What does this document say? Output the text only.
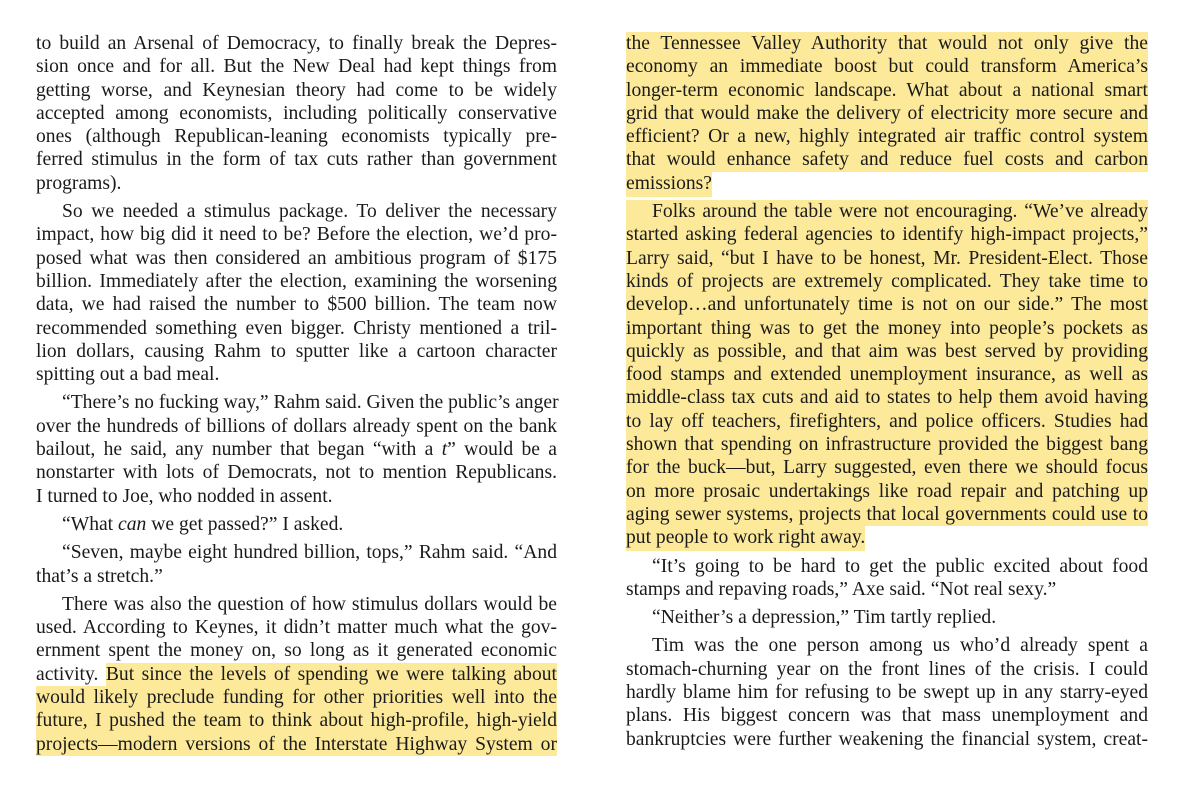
to build an Arsenal of Democracy, to finally break the Depres-
sion once and for all. But the New Deal had kept things from
getting worse, and Keynesian theory had come to be widely
accepted among economists, including politically conservative
ones (although Republican-leaning economists typically pre-
ferred stimulus in the form of tax cuts rather than government
programs).
So we needed a stimulus package. To deliver the necessary
impact, how big did it need to be? Before the election, we’d pro-
posed what was then considered an ambitious program of $175
billion. Immediately after the election, examining the worsening
data, we had raised the number to $500 billion. The team now
recommended something even bigger. Christy mentioned a tril-
lion dollars, causing Rahm to sputter like a cartoon character
spitting out a bad meal.
“There’s no fucking way,” Rahm said. Given the public’s anger
over the hundreds of billions of dollars already spent on the bank
bailout, he said, any number that began “with a t” would be a
nonstarter with lots of Democrats, not to mention Republicans.
I turned to Joe, who nodded in assent.
“What can we get passed?” I asked.
“Seven, maybe eight hundred billion, tops,” Rahm said. “And
that’s a stretch.”
There was also the question of how stimulus dollars would be
used. According to Keynes, it didn’t matter much what the gov-
ernment spent the money on, so long as it generated economic
activity. But since the levels of spending we were talking about
would likely preclude funding for other priorities well into the
future, I pushed the team to think about high-profile, high-yield
projects—modern versions of the Interstate Highway System or
the Tennessee Valley Authority that would not only give the
economy an immediate boost but could transform America’s
longer-term economic landscape. What about a national smart
grid that would make the delivery of electricity more secure and
efficient? Or a new, highly integrated air traffic control system
that would enhance safety and reduce fuel costs and carbon
emissions?
Folks around the table were not encouraging. “We’ve already
started asking federal agencies to identify high-impact projects,”
Larry said, “but I have to be honest, Mr. President-Elect. Those
kinds of projects are extremely complicated. They take time to
develop…and unfortunately time is not on our side.” The most
important thing was to get the money into people’s pockets as
quickly as possible, and that aim was best served by providing
food stamps and extended unemployment insurance, as well as
middle-class tax cuts and aid to states to help them avoid having
to lay off teachers, firefighters, and police officers. Studies had
shown that spending on infrastructure provided the biggest bang
for the buck—but, Larry suggested, even there we should focus
on more prosaic undertakings like road repair and patching up
aging sewer systems, projects that local governments could use to
put people to work right away.
“It’s going to be hard to get the public excited about food
stamps and repaving roads,” Axe said. “Not real sexy.”
“Neither’s a depression,” Tim tartly replied.
Tim was the one person among us who’d already spent a
stomach-churning year on the front lines of the crisis. I could
hardly blame him for refusing to be swept up in any starry-eyed
plans. His biggest concern was that mass unemployment and
bankruptcies were further weakening the financial system, creat-
